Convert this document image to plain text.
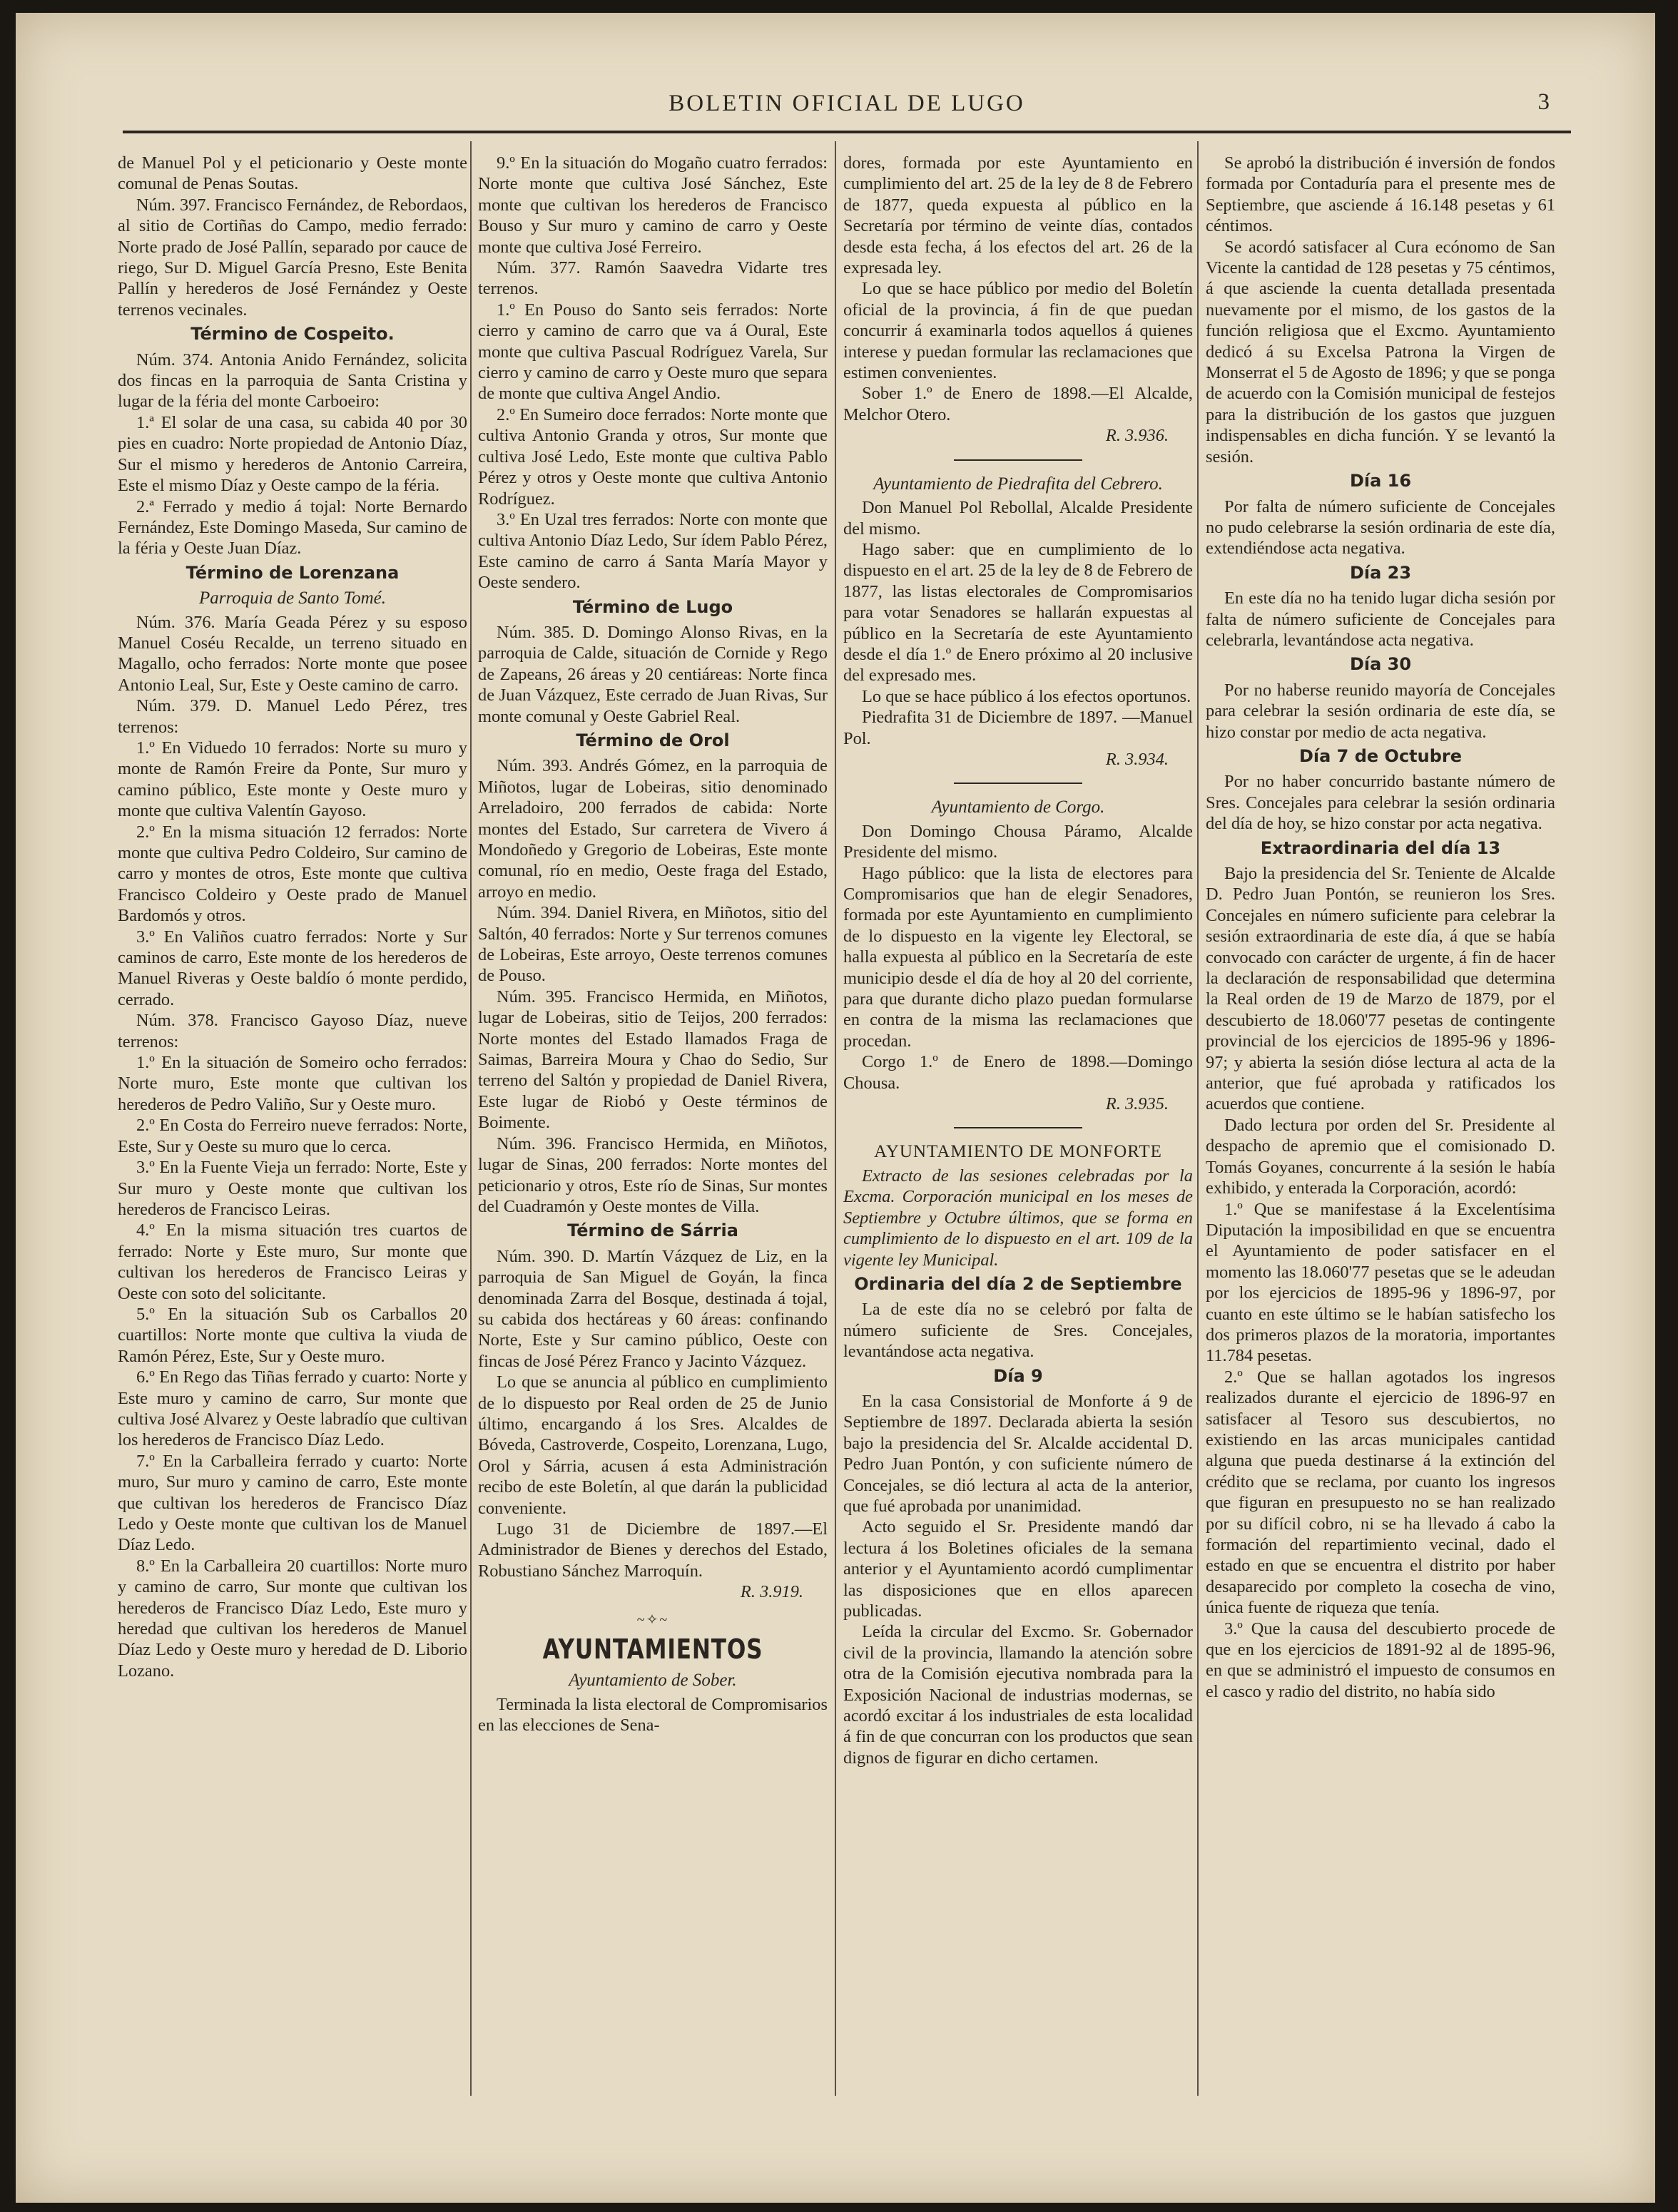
BOLETIN OFICIAL DE LUGO	3

de Manuel Pol y el peticionario y Oeste monte comunal de Penas Soutas.

Núm. 397. Francisco Fernández, de Rebordaos, al sitio de Cortiñas do Campo, medio ferrado: Norte prado de José Pallín, separado por cauce de riego, Sur D. Miguel García Presno, Este Benita Pallín y herederos de José Fernández y Oeste terrenos vecinales.

Término de Cospeito.

Núm. 374. Antonia Anido Fernández, solicita dos fincas en la parroquia de Santa Cristina y lugar de la féria del monte Carboeiro:

1.ª El solar de una casa, su cabida 40 por 30 pies en cuadro: Norte propiedad de Antonio Díaz, Sur el mismo y herederos de Antonio Carreira, Este el mismo Díaz y Oeste campo de la féria.

2.ª Ferrado y medio á tojal: Norte Bernardo Fernández, Este Domingo Maseda, Sur camino de la féria y Oeste Juan Díaz.

Término de Lorenzana
Parroquia de Santo Tomé.

Núm. 376. María Geada Pérez y su esposo Manuel Coséu Recalde, un terreno situado en Magallo, ocho ferrados: Norte monte que posee Antonio Leal, Sur, Este y Oeste camino de carro.

Núm. 379. D. Manuel Ledo Pérez, tres terrenos:

1.º En Viduedo 10 ferrados: Norte su muro y monte de Ramón Freire da Ponte, Sur muro y camino público, Este monte y Oeste muro y monte que cultiva Valentín Gayoso.

2.º En la misma situación 12 ferrados: Norte monte que cultiva Pedro Coldeiro, Sur camino de carro y montes de otros, Este monte que cultiva Francisco Coldeiro y Oeste prado de Manuel Bardomós y otros.

3.º En Valiños cuatro ferrados: Norte y Sur caminos de carro, Este monte de los herederos de Manuel Riveras y Oeste baldío ó monte perdido, cerrado.

Núm. 378. Francisco Gayoso Díaz, nueve terrenos:

1.º En la situación de Someiro ocho ferrados: Norte muro, Este monte que cultivan los herederos de Pedro Valiño, Sur y Oeste muro.

2.º En Costa do Ferreiro nueve ferrados: Norte, Este, Sur y Oeste su muro que lo cerca.

3.º En la Fuente Vieja un ferrado: Norte, Este y Sur muro y Oeste monte que cultivan los herederos de Francisco Leiras.

4.º En la misma situación tres cuartos de ferrado: Norte y Este muro, Sur monte que cultivan los herederos de Francisco Leiras y Oeste con soto del solicitante.

5.º En la situación Sub os Carballos 20 cuartillos: Norte monte que cultiva la viuda de Ramón Pérez, Este, Sur y Oeste muro.

6.º En Rego das Tiñas ferrado y cuarto: Norte y Este muro y camino de carro, Sur monte que cultiva José Alvarez y Oeste labradío que cultivan los herederos de Francisco Díaz Ledo.

7.º En la Carballeira ferrado y cuarto: Norte muro, Sur muro y camino de carro, Este monte que cultivan los herederos de Francisco Díaz Ledo y Oeste monte que cultivan los de Manuel Díaz Ledo.

8.º En la Carballeira 20 cuartillos: Norte muro y camino de carro, Sur monte que cultivan los herederos de Francisco Díaz Ledo, Este muro y heredad que cultivan los herederos de Manuel Díaz Ledo y Oeste muro y heredad de D. Liborio Lozano.

9.º En la situación do Mogaño cuatro ferrados: Norte monte que cultiva José Sánchez, Este monte que cultivan los herederos de Francisco Bouso y Sur muro y camino de carro y Oeste monte que cultiva José Ferreiro.

Núm. 377. Ramón Saavedra Vidarte tres terrenos.

1.º En Pouso do Santo seis ferrados: Norte cierro y camino de carro que va á Oural, Este monte que cultiva Pascual Rodríguez Varela, Sur cierro y camino de carro y Oeste muro que separa de monte que cultiva Angel Andio.

2.º En Sumeiro doce ferrados: Norte monte que cultiva Antonio Granda y otros, Sur monte que cultiva José Ledo, Este monte que cultiva Pablo Pérez y otros y Oeste monte que cultiva Antonio Rodríguez.

3.º En Uzal tres ferrados: Norte con monte que cultiva Antonio Díaz Ledo, Sur ídem Pablo Pérez, Este camino de carro á Santa María Mayor y Oeste sendero.

Término de Lugo

Núm. 385. D. Domingo Alonso Rivas, en la parroquia de Calde, situación de Cornide y Rego de Zapeans, 26 áreas y 20 centiáreas: Norte finca de Juan Vázquez, Este cerrado de Juan Rivas, Sur monte comunal y Oeste Gabriel Real.

Término de Orol

Núm. 393. Andrés Gómez, en la parroquia de Miñotos, lugar de Lobeiras, sitio denominado Arreladoiro, 200 ferrados de cabida: Norte montes del Estado, Sur carretera de Vivero á Mondoñedo y Gregorio de Lobeiras, Este monte comunal, río en medio, Oeste fraga del Estado, arroyo en medio.

Núm. 394. Daniel Rivera, en Miñotos, sitio del Saltón, 40 ferrados: Norte y Sur terrenos comunes de Lobeiras, Este arroyo, Oeste terrenos comunes de Pouso.

Núm. 395. Francisco Hermida, en Miñotos, lugar de Lobeiras, sitio de Teijos, 200 ferrados: Norte montes del Estado llamados Fraga de Saimas, Barreira Moura y Chao do Sedio, Sur terreno del Saltón y propiedad de Daniel Rivera, Este lugar de Riobó y Oeste términos de Boimente.

Núm. 396. Francisco Hermida, en Miñotos, lugar de Sinas, 200 ferrados: Norte montes del peticionario y otros, Este río de Sinas, Sur montes del Cuadramón y Oeste montes de Villa.

Término de Sárria

Núm. 390. D. Martín Vázquez de Liz, en la parroquia de San Miguel de Goyán, la finca denominada Zarra del Bosque, destinada á tojal, su cabida dos hectáreas y 60 áreas: confinando Norte, Este y Sur camino público, Oeste con fincas de José Pérez Franco y Jacinto Vázquez.

Lo que se anuncia al público en cumplimiento de lo dispuesto por Real orden de 25 de Junio último, encargando á los Sres. Alcaldes de Bóveda, Castroverde, Cospeito, Lorenzana, Lugo, Orol y Sárria, acusen á esta Administración recibo de este Boletín, al que darán la publicidad conveniente.

Lugo 31 de Diciembre de 1897.—El Administrador de Bienes y derechos del Estado, Robustiano Sánchez Marroquín.

R. 3.919.
~✧~
AYUNTAMIENTOS
Ayuntamiento de Sober.

Terminada la lista electoral de Compromisarios en las elecciones de Sena-

dores, formada por este Ayuntamiento en cumplimiento del art. 25 de la ley de 8 de Febrero de 1877, queda expuesta al público en la Secretaría por término de veinte días, contados desde esta fecha, á los efectos del art. 26 de la expresada ley.

Lo que se hace público por medio del Boletín oficial de la provincia, á fin de que puedan concurrir á examinarla todos aquellos á quienes interese y puedan formular las reclamaciones que estimen convenientes.

Sober 1.º de Enero de 1898.—El Alcalde, Melchor Otero.

R. 3.936.
Ayuntamiento de Piedrafita del Cebrero.

Don Manuel Pol Rebollal, Alcalde Presidente del mismo.

Hago saber: que en cumplimiento de lo dispuesto en el art. 25 de la ley de 8 de Febrero de 1877, las listas electorales de Compromisarios para votar Senadores se hallarán expuestas al público en la Secretaría de este Ayuntamiento desde el día 1.º de Enero próximo al 20 inclusive del expresado mes.

Lo que se hace público á los efectos oportunos.

Piedrafita 31 de Diciembre de 1897. —Manuel Pol.

R. 3.934.
Ayuntamiento de Corgo.

Don Domingo Chousa Páramo, Alcalde Presidente del mismo.

Hago público: que la lista de electores para Compromisarios que han de elegir Senadores, formada por este Ayuntamiento en cumplimiento de lo dispuesto en la vigente ley Electoral, se halla expuesta al público en la Secretaría de este municipio desde el día de hoy al 20 del corriente, para que durante dicho plazo puedan formularse en contra de la misma las reclamaciones que procedan.

Corgo 1.º de Enero de 1898.—Domingo Chousa.

R. 3.935.
AYUNTAMIENTO DE MONFORTE

Extracto de las sesiones celebradas por la Excma. Corporación municipal en los meses de Septiembre y Octubre últimos, que se forma en cumplimiento de lo dispuesto en el art. 109 de la vigente ley Municipal.

Ordinaria del día 2 de Septiembre

La de este día no se celebró por falta de número suficiente de Sres. Concejales, levantándose acta negativa.

Día 9

En la casa Consistorial de Monforte á 9 de Septiembre de 1897. Declarada abierta la sesión bajo la presidencia del Sr. Alcalde accidental D. Pedro Juan Pontón, y con suficiente número de Concejales, se dió lectura al acta de la anterior, que fué aprobada por unanimidad.

Acto seguido el Sr. Presidente mandó dar lectura á los Boletines oficiales de la semana anterior y el Ayuntamiento acordó cumplimentar las disposiciones que en ellos aparecen publicadas.

Leída la circular del Excmo. Sr. Gobernador civil de la provincia, llamando la atención sobre otra de la Comisión ejecutiva nombrada para la Exposición Nacional de industrias modernas, se acordó excitar á los industriales de esta localidad á fin de que concurran con los productos que sean dignos de figurar en dicho certamen.

Se aprobó la distribución é inversión de fondos formada por Contaduría para el presente mes de Septiembre, que asciende á 16.148 pesetas y 61 céntimos.

Se acordó satisfacer al Cura ecónomo de San Vicente la cantidad de 128 pesetas y 75 céntimos, á que asciende la cuenta detallada presentada nuevamente por el mismo, de los gastos de la función religiosa que el Excmo. Ayuntamiento dedicó á su Excelsa Patrona la Virgen de Monserrat el 5 de Agosto de 1896; y que se ponga de acuerdo con la Comisión municipal de festejos para la distribución de los gastos que juzguen indispensables en dicha función. Y se levantó la sesión.

Día 16

Por falta de número suficiente de Concejales no pudo celebrarse la sesión ordinaria de este día, extendiéndose acta negativa.

Día 23

En este día no ha tenido lugar dicha sesión por falta de número suficiente de Concejales para celebrarla, levantándose acta negativa.

Día 30

Por no haberse reunido mayoría de Concejales para celebrar la sesión ordinaria de este día, se hizo constar por medio de acta negativa.

Día 7 de Octubre

Por no haber concurrido bastante número de Sres. Concejales para celebrar la sesión ordinaria del día de hoy, se hizo constar por acta negativa.

Extraordinaria del día 13

Bajo la presidencia del Sr. Teniente de Alcalde D. Pedro Juan Pontón, se reunieron los Sres. Concejales en número suficiente para celebrar la sesión extraordinaria de este día, á que se había convocado con carácter de urgente, á fin de hacer la declaración de responsabilidad que determina la Real orden de 19 de Marzo de 1879, por el descubierto de 18.060'77 pesetas de contingente provincial de los ejercicios de 1895-96 y 1896-97; y abierta la sesión dióse lectura al acta de la anterior, que fué aprobada y ratificados los acuerdos que contiene.

Dado lectura por orden del Sr. Presidente al despacho de apremio que el comisionado D. Tomás Goyanes, concurrente á la sesión le había exhibido, y enterada la Corporación, acordó:

1.º Que se manifestase á la Excelentísima Diputación la imposibilidad en que se encuentra el Ayuntamiento de poder satisfacer en el momento las 18.060'77 pesetas que se le adeudan por los ejercicios de 1895-96 y 1896-97, por cuanto en este último se le habían satisfecho los dos primeros plazos de la moratoria, importantes 11.784 pesetas.

2.º Que se hallan agotados los ingresos realizados durante el ejercicio de 1896-97 en satisfacer al Tesoro sus descubiertos, no existiendo en las arcas municipales cantidad alguna que pueda destinarse á la extinción del crédito que se reclama, por cuanto los ingresos que figuran en presupuesto no se han realizado por su difícil cobro, ni se ha llevado á cabo la formación del repartimiento vecinal, dado el estado en que se encuentra el distrito por haber desaparecido por completo la cosecha de vino, única fuente de riqueza que tenía.

3.º Que la causa del descubierto procede de que en los ejercicios de 1891-92 al de 1895-96, en que se administró el impuesto de consumos en el casco y radio del distrito, no había sido
